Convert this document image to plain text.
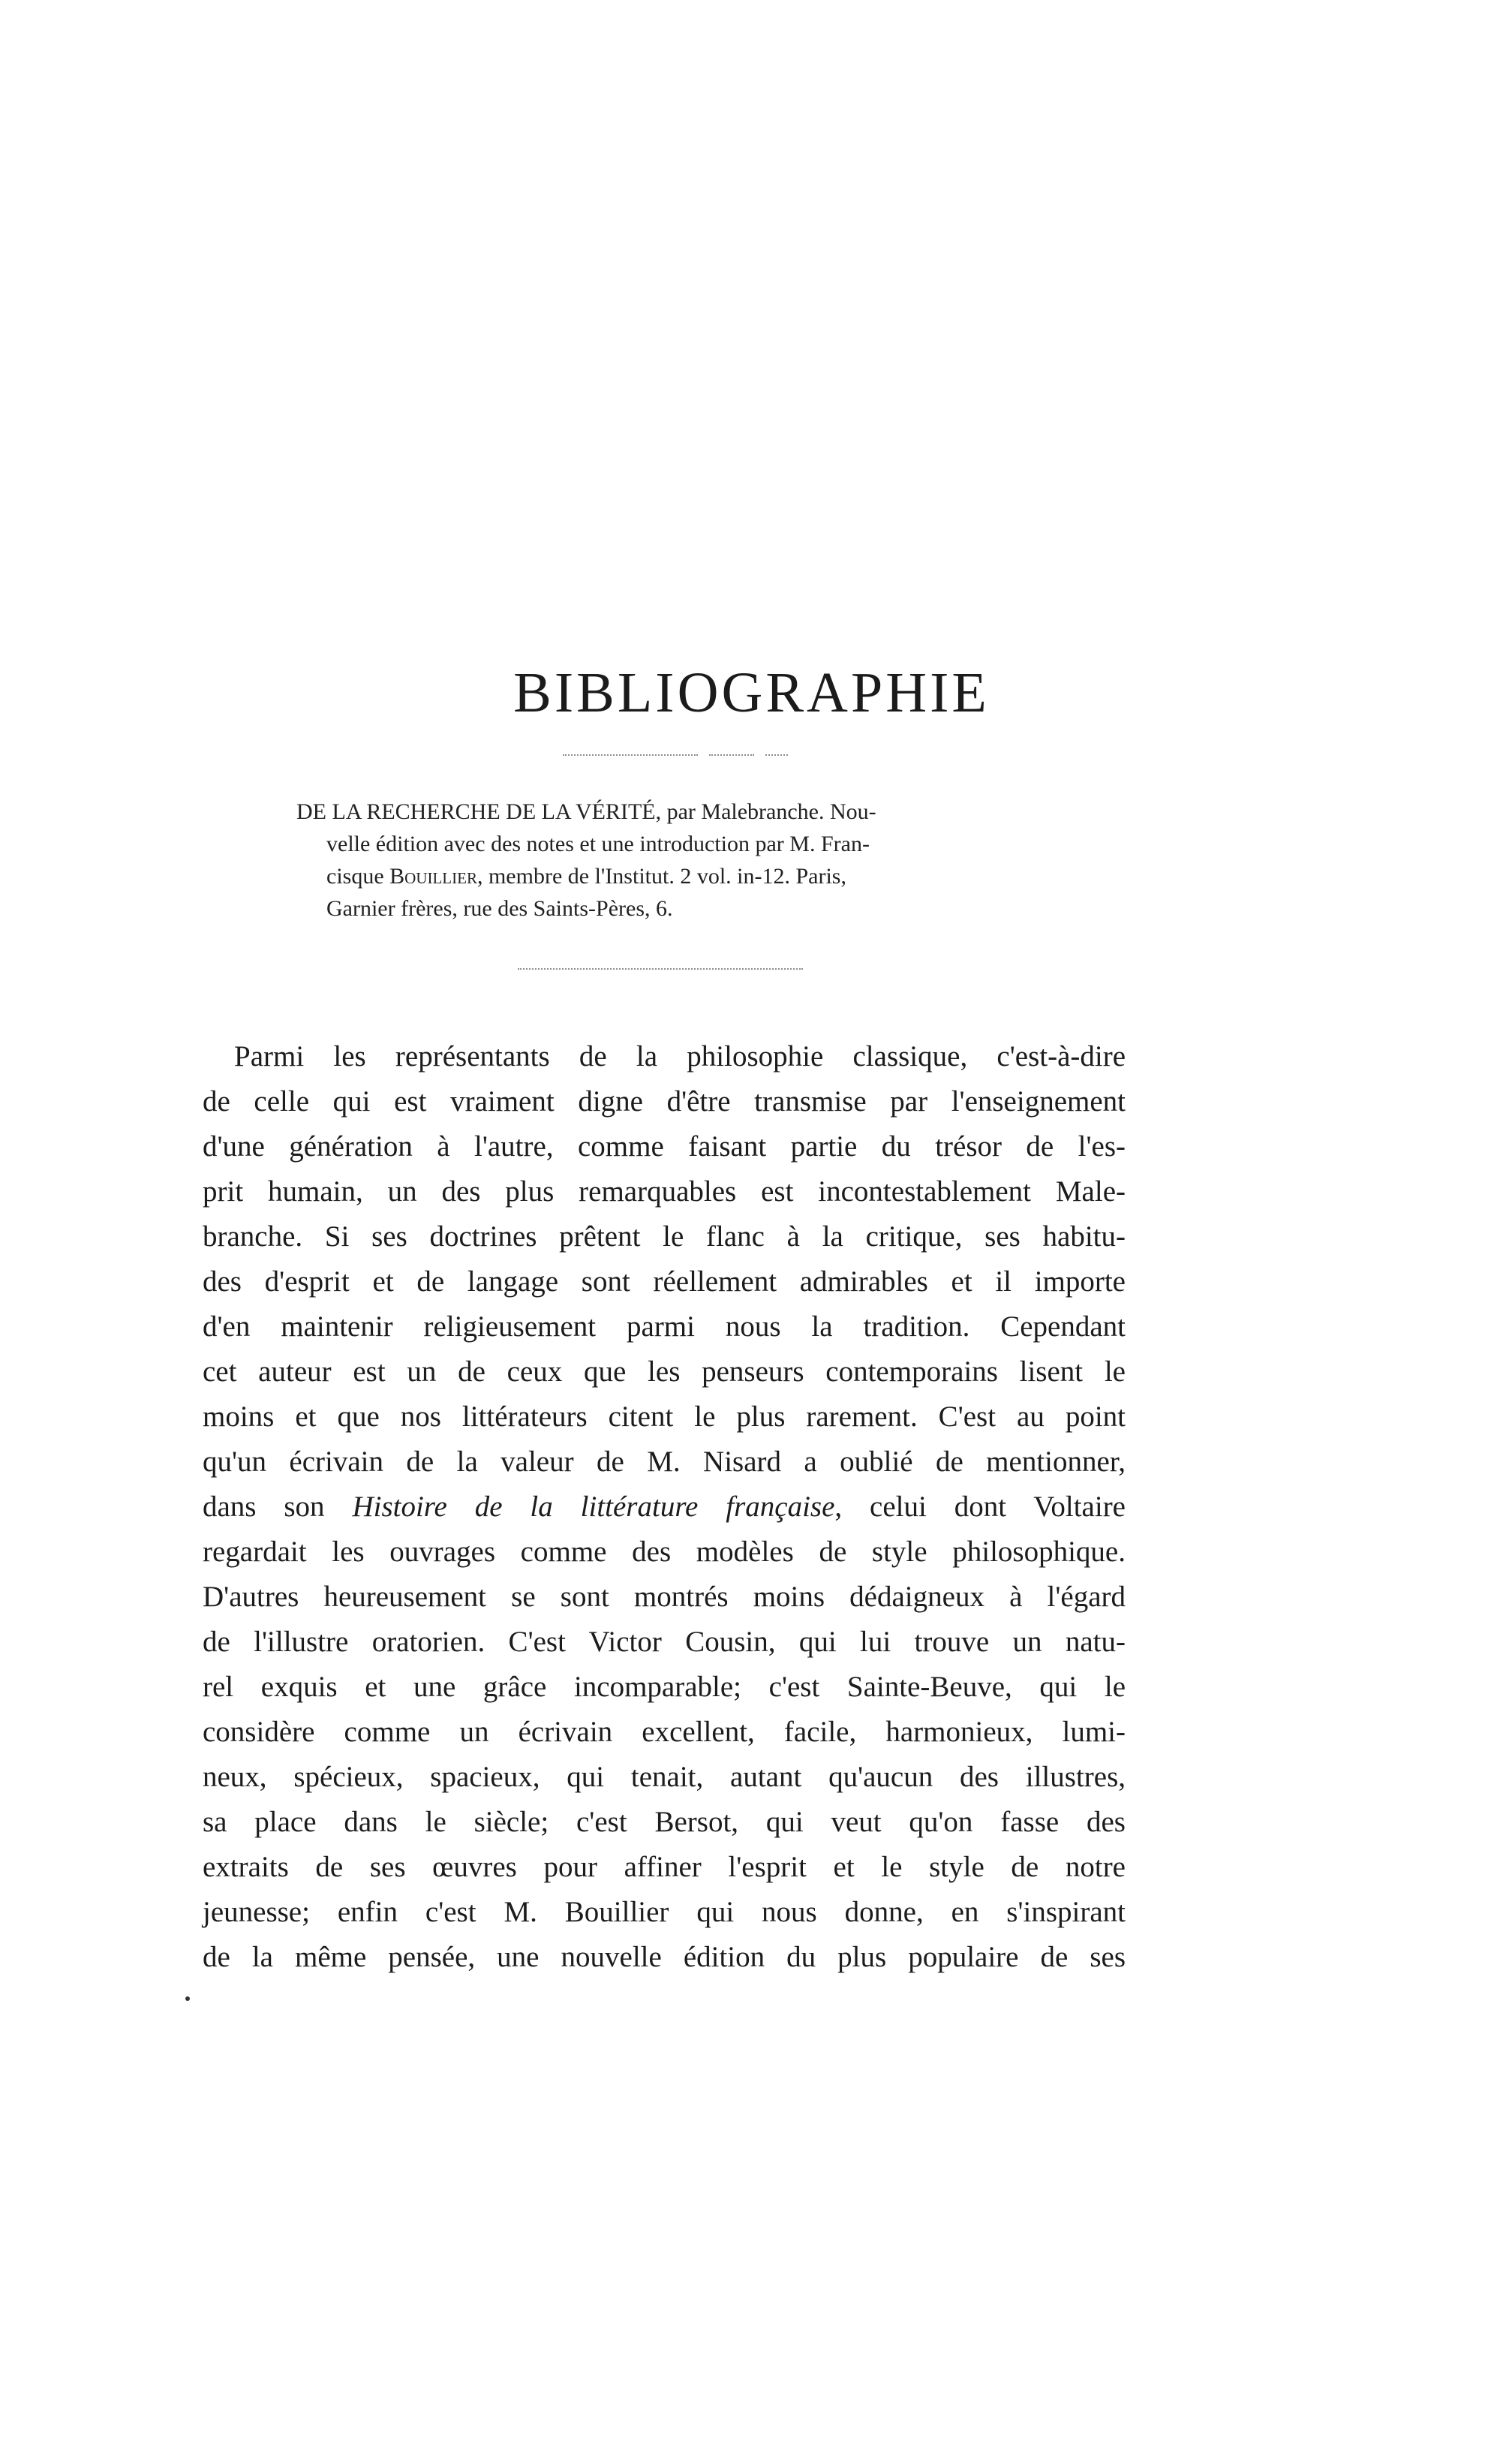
BIBLIOGRAPHIE
DE LA RECHERCHE DE LA VÉRITÉ, par Malebranche. Nou-
velle édition avec des notes et une introduction par M. Fran-
cisque Bouillier, membre de l'Institut. 2 vol. in-12. Paris,
Garnier frères, rue des Saints-Pères, 6.
Parmi les représentants de la philosophie classique, c'est-à-dire
de celle qui est vraiment digne d'être transmise par l'enseignement
d'une génération à l'autre, comme faisant partie du trésor de l'es-
prit humain, un des plus remarquables est incontestablement Male-
branche. Si ses doctrines prêtent le flanc à la critique, ses habitu-
des d'esprit et de langage sont réellement admirables et il importe
d'en maintenir religieusement parmi nous la tradition. Cependant
cet auteur est un de ceux que les penseurs contemporains lisent le
moins et que nos littérateurs citent le plus rarement. C'est au point
qu'un écrivain de la valeur de M. Nisard a oublié de mentionner,
dans son Histoire de la littérature française, celui dont Voltaire
regardait les ouvrages comme des modèles de style philosophique.
D'autres heureusement se sont montrés moins dédaigneux à l'égard
de l'illustre oratorien. C'est Victor Cousin, qui lui trouve un natu-
rel exquis et une grâce incomparable; c'est Sainte-Beuve, qui le
considère comme un écrivain excellent, facile, harmonieux, lumi-
neux, spécieux, spacieux, qui tenait, autant qu'aucun des illustres,
sa place dans le siècle; c'est Bersot, qui veut qu'on fasse des
extraits de ses œuvres pour affiner l'esprit et le style de notre
jeunesse; enfin c'est M. Bouillier qui nous donne, en s'inspirant
de la même pensée, une nouvelle édition du plus populaire de ses
